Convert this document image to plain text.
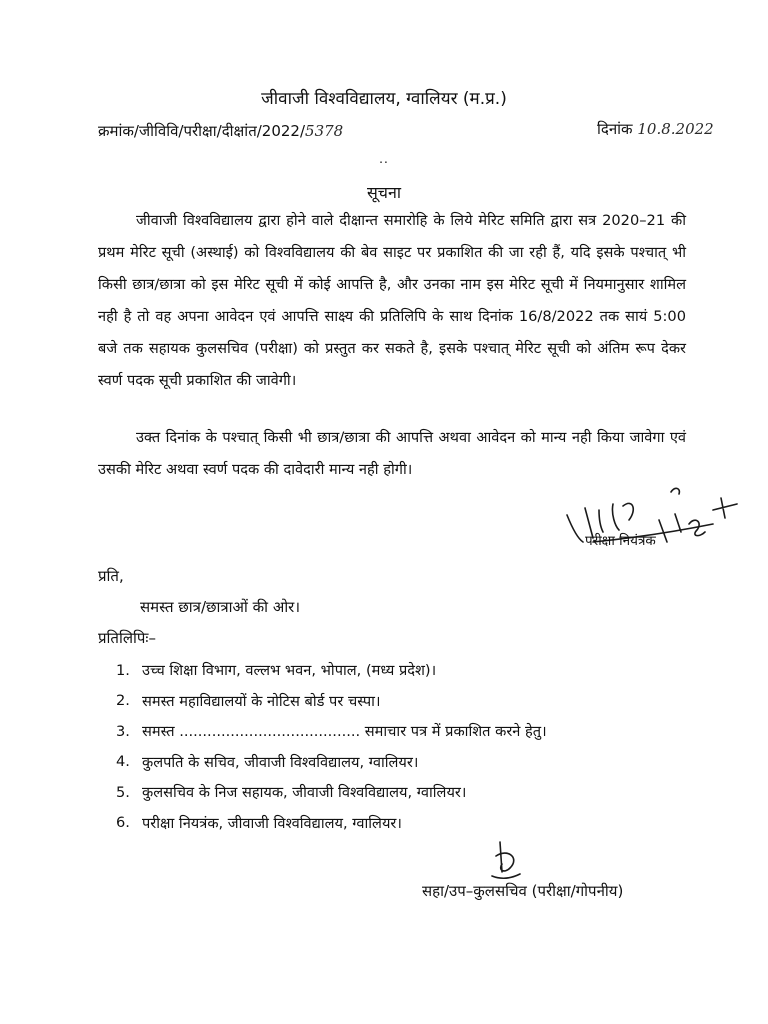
जीवाजी विश्वविद्यालय, ग्वालियर (म.प्र.)
क्रमांक/जीविवि/परीक्षा/दीक्षांत/2022/5378	दिनांक 10.8.2022
..
सूचना
जीवाजी विश्वविद्यालय द्वारा होने वाले दीक्षान्त समारोहि के लिये मेरिट समिति द्वारा सत्र 2020–21 की प्रथम मेरिट सूची (अस्थाई) को विश्वविद्यालय की बेव साइट पर प्रकाशित की जा रही हैं, यदि इसके पश्चात् भी किसी छात्र/छात्रा को इस मेरिट सूची में कोई आपत्ति है, और उनका नाम इस मेरिट सूची में नियमानुसार शामिल नही है तो वह अपना आवेदन एवं आपत्ति साक्ष्य की प्रतिलिपि के साथ दिनांक 16/8/2022 तक सायं 5:00 बजे तक सहायक कुलसचिव (परीक्षा) को प्रस्तुत कर सकते है, इसके पश्चात् मेरिट सूची को अंतिम रूप देकर स्वर्ण पदक सूची प्रकाशित की जावेगी।
उक्त दिनांक के पश्चात् किसी भी छात्र/छात्रा की आपत्ति अथवा आवेदन को मान्य नही किया जावेगा एवं उसकी मेरिट अथवा स्वर्ण पदक की दावेदारी मान्य नही होगी।
परीक्षा नियंत्रक
प्रति,
समस्त छात्र/छात्राओं की ओर।
प्रतिलिपिः–
1. उच्च शिक्षा विभाग, वल्लभ भवन, भोपाल, (मध्य प्रदेश)।
2. समस्त महाविद्यालयों के नोटिस बोर्ड पर चस्पा।
3. समस्त ....................................... समाचार पत्र में प्रकाशित करने हेतु।
4. कुलपति के सचिव, जीवाजी विश्वविद्यालय, ग्वालियर।
5. कुलसचिव के निज सहायक, जीवाजी विश्वविद्यालय, ग्वालियर।
6. परीक्षा नियत्रंक, जीवाजी विश्वविद्यालय, ग्वालियर।
सहा/उप–कुलसचिव (परीक्षा/गोपनीय)
